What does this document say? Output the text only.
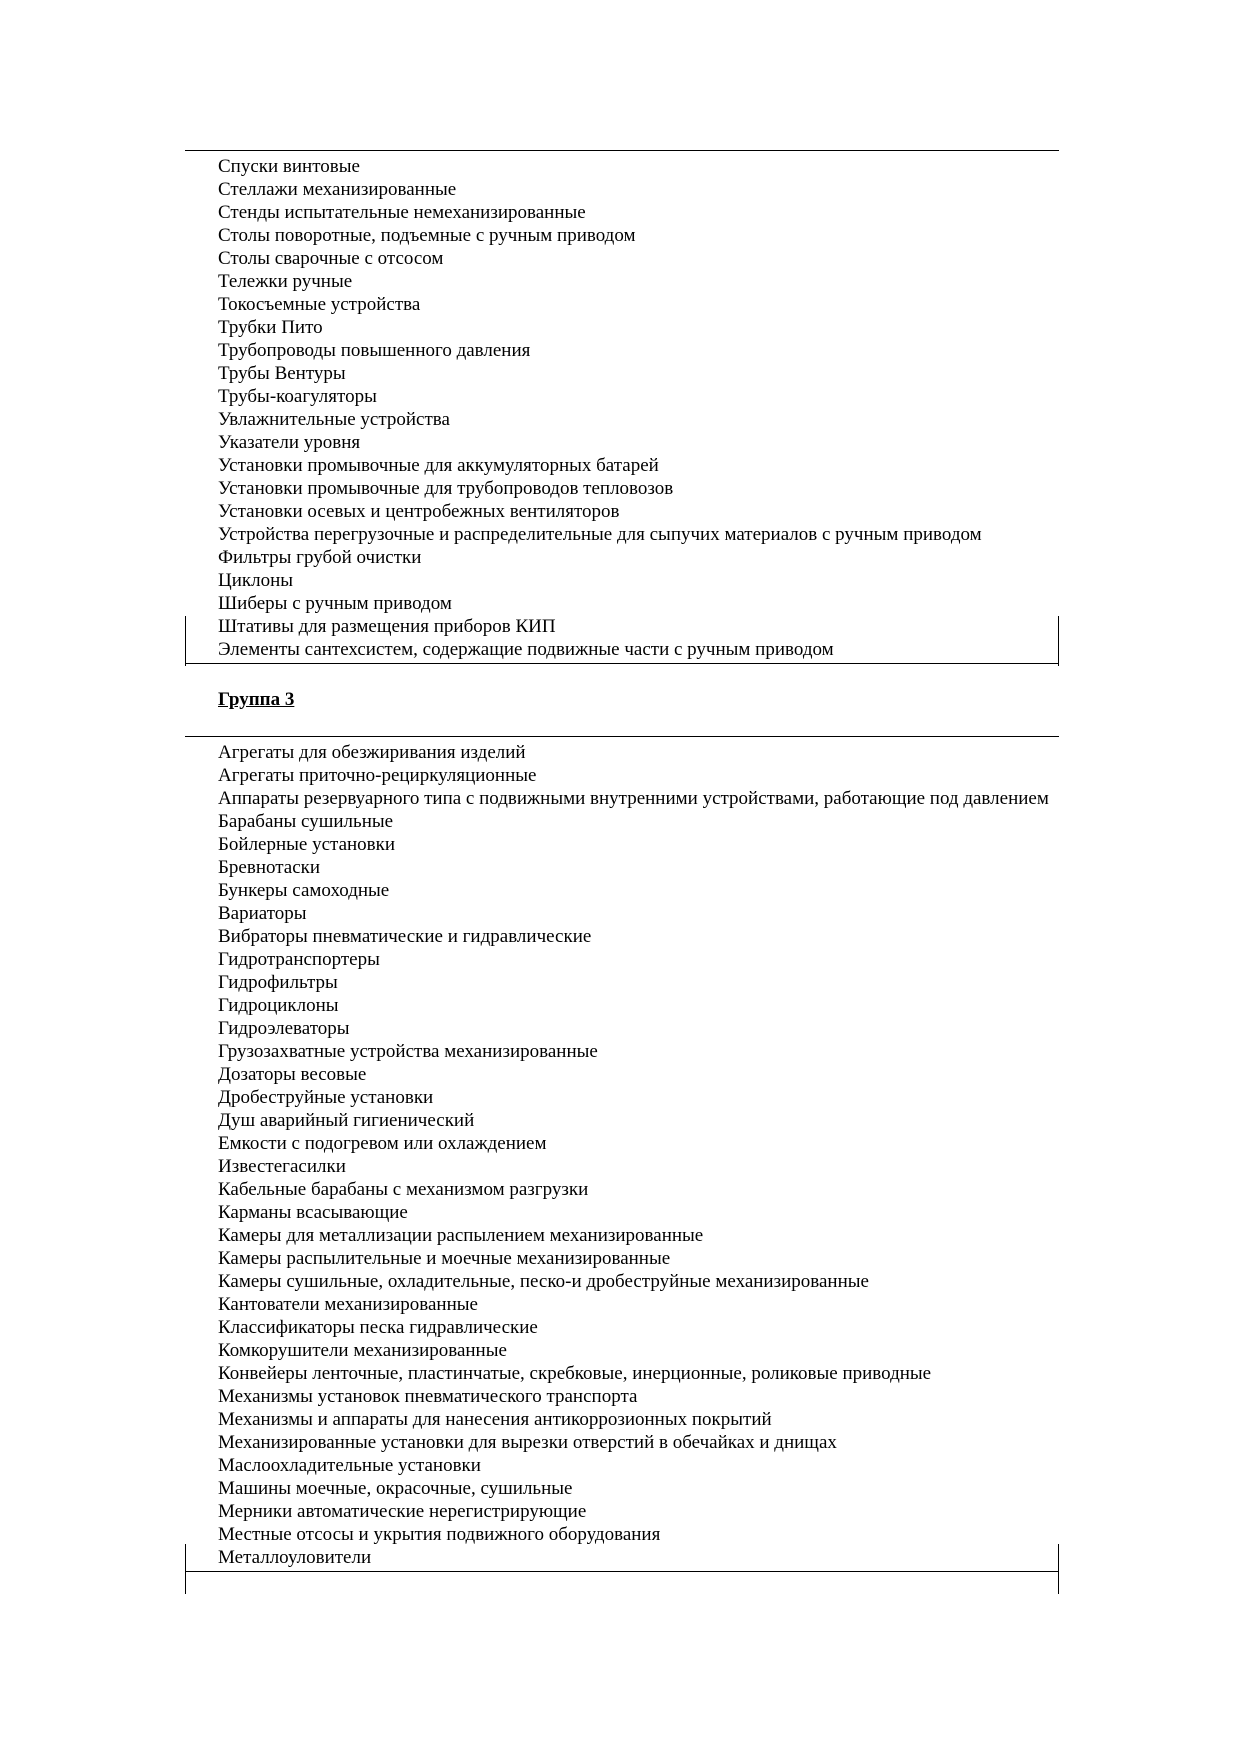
Спуски винтовые
Стеллажи механизированные
Стенды испытательные немеханизированные
Столы поворотные, подъемные с ручным приводом
Столы сварочные с отсосом
Тележки ручные
Токосъемные устройства
Трубки Пито
Трубопроводы повышенного давления
Трубы Вентуры
Трубы-коагуляторы
Увлажнительные устройства
Указатели уровня
Установки промывочные для аккумуляторных батарей
Установки промывочные для трубопроводов тепловозов
Установки осевых и центробежных вентиляторов
Устройства перегрузочные и распределительные для сыпучих материалов с ручным приводом
Фильтры грубой очистки
Циклоны
Шиберы с ручным приводом
Штативы для размещения приборов КИП
Элементы сантехсистем, содержащие подвижные части с ручным приводом
Группа 3
Агрегаты для обезжиривания изделий
Агрегаты приточно-рециркуляционные
Аппараты резервуарного типа с подвижными внутренними устройствами, работающие под давлением
Барабаны сушильные
Бойлерные установки
Бревнотаски
Бункеры самоходные
Вариаторы
Вибраторы пневматические и гидравлические
Гидротранспортеры
Гидрофильтры
Гидроциклоны
Гидроэлеваторы
Грузозахватные устройства механизированные
Дозаторы весовые
Дробеструйные установки
Душ аварийный гигиенический
Емкости с подогревом или охлаждением
Известегасилки
Кабельные барабаны с механизмом разгрузки
Карманы всасывающие
Камеры для металлизации распылением механизированные
Камеры распылительные и моечные механизированные
Камеры сушильные, охладительные, песко-и дробеструйные механизированные
Кантователи механизированные
Классификаторы песка гидравлические
Комкорушители механизированные
Конвейеры ленточные, пластинчатые, скребковые, инерционные, роликовые приводные
Механизмы установок пневматического транспорта
Механизмы и аппараты для нанесения антикоррозионных покрытий
Механизированные установки для вырезки отверстий в обечайках и днищах
Маслоохладительные установки
Машины моечные, окрасочные, сушильные
Мерники автоматические нерегистрирующие
Местные отсосы и укрытия подвижного оборудования
Металлоуловители
